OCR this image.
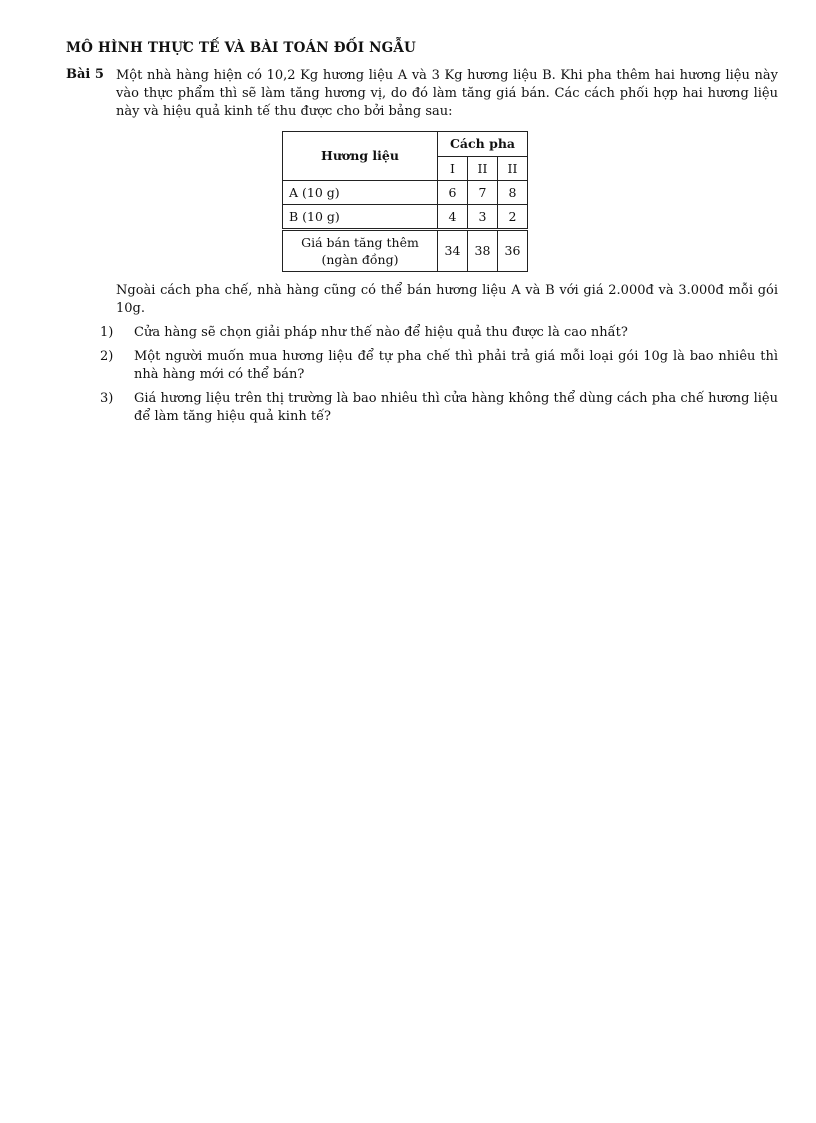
MÔ HÌNH THỰC TẾ VÀ BÀI TOÁN ĐỐI NGẪU
Bài 5 Một nhà hàng hiện có 10,2 Kg hương liệu A và 3 Kg hương liệu B. Khi pha thêm hai hương liệu này vào thực phẩm thì sẽ làm tăng hương vị, do đó làm tăng giá bán. Các cách phối hợp hai hương liệu này và hiệu quả kinh tế thu được cho bởi bảng sau:
Hương liệu	Cách pha		
	I	II	II
A (10 g)	6	7	8
B (10 g)	4	3	2

Giá bán tăng thêm
(ngàn đồng)	34	38	36
Ngoài cách pha chế, nhà hàng cũng có thể bán hương liệu A và B với giá 2.000đ và 3.000đ mỗi gói 10g.
1) Cửa hàng sẽ chọn giải pháp như thế nào để hiệu quả thu được là cao nhất?
2) Một người muốn mua hương liệu để tự pha chế thì phải trả giá mỗi loại gói 10g là bao nhiêu thì nhà hàng mới có thể bán?
3) Giá hương liệu trên thị trường là bao nhiêu thì cửa hàng không thể dùng cách pha chế hương liệu để làm tăng hiệu quả kinh tế?
